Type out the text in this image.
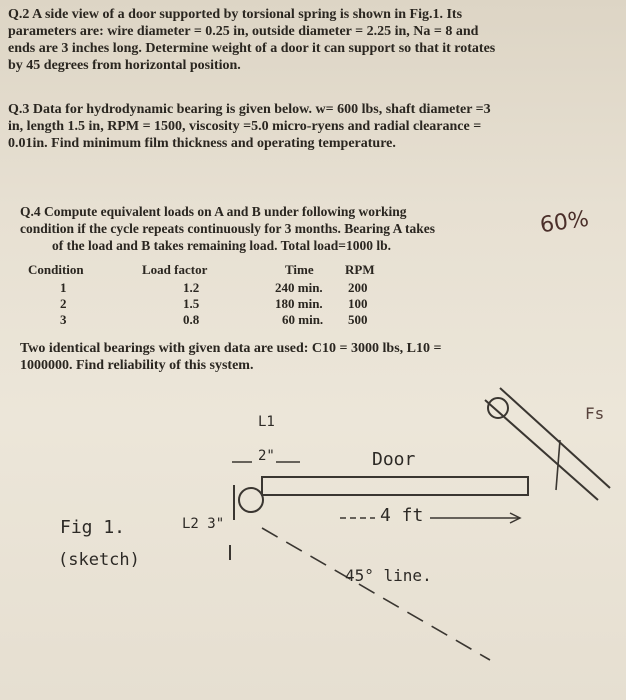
Q.2 A side view of a door supported by torsional spring is shown in Fig.1. Its

parameters are: wire diameter = 0.25 in, outside diameter = 2.25 in, Na = 8 and

ends are 3 inches long. Determine weight of a door it can support so that it rotates

by 45 degrees from horizontal position.

Q.3 Data for hydrodynamic bearing is given below. w= 600 lbs, shaft diameter =3

in, length 1.5 in, RPM = 1500, viscosity =5.0 micro-ryens and radial clearance =

0.01in. Find minimum film thickness and operating temperature.

Q.4 Compute equivalent loads on A and B under following working

condition if the cycle repeats continuously for 3 months. Bearing A takes

of the load and B takes remaining load. Total load=1000 lb.

60%
Condition	Load factor	Time RPM
1	1.2	240 min. 200
2	1.5	180 min. 100
3	0.8	60 min. 500

Two identical bearings with given data are used: C10 = 3000 lbs, L10 =

1000000. Find reliability of this system.

L1
2"	Door
4 ft
L2 3"
Fig 1.
(sketch)
45° line.
Fs
